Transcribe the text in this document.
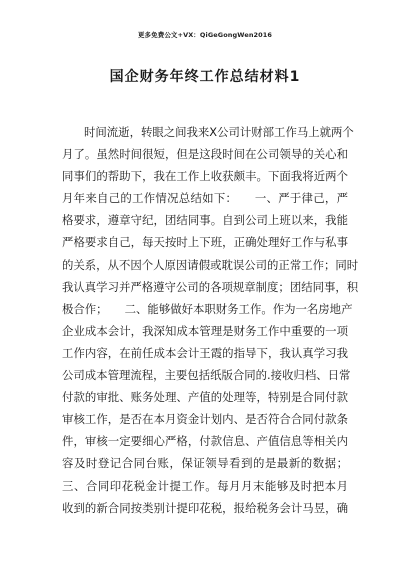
更多免费公文+VX：QiGeGongWen2016
国企财务年终工作总结材料1
时间流逝，转眼之间我来X公司计财部工作马上就两个
月了。虽然时间很短，但是这段时间在公司领导的关心和
同事们的帮助下，我在工作上收获颇丰。下面我将近两个
月年来自己的工作情况总结如下：　　一、严于律己，严
格要求，遵章守纪，团结同事。自到公司上班以来，我能
严格要求自己，每天按时上下班，正确处理好工作与私事
的关系，从不因个人原因请假或耽误公司的正常工作；同时
我认真学习并严格遵守公司的各项规章制度；团结同事，积
极合作；　　二、能够做好本职财务工作。作为一名房地产
企业成本会计，我深知成本管理是财务工作中重要的一项
工作内容，在前任成本会计王霞的指导下，我认真学习我
公司成本管理流程，主要包括纸版合同的.接收归档、日常
付款的审批、账务处理、产值的处理等，特别是合同付款
审核工作，是否在本月资金计划内、是否符合合同付款条
件，审核一定要细心严格，付款信息、产值信息等相关内
容及时登记合同台账，保证领导看到的是最新的数据；
三、合同印花税金计提工作。每月月末能够及时把本月
收到的新合同按类别计提印花税，报给税务会计马昱，确
